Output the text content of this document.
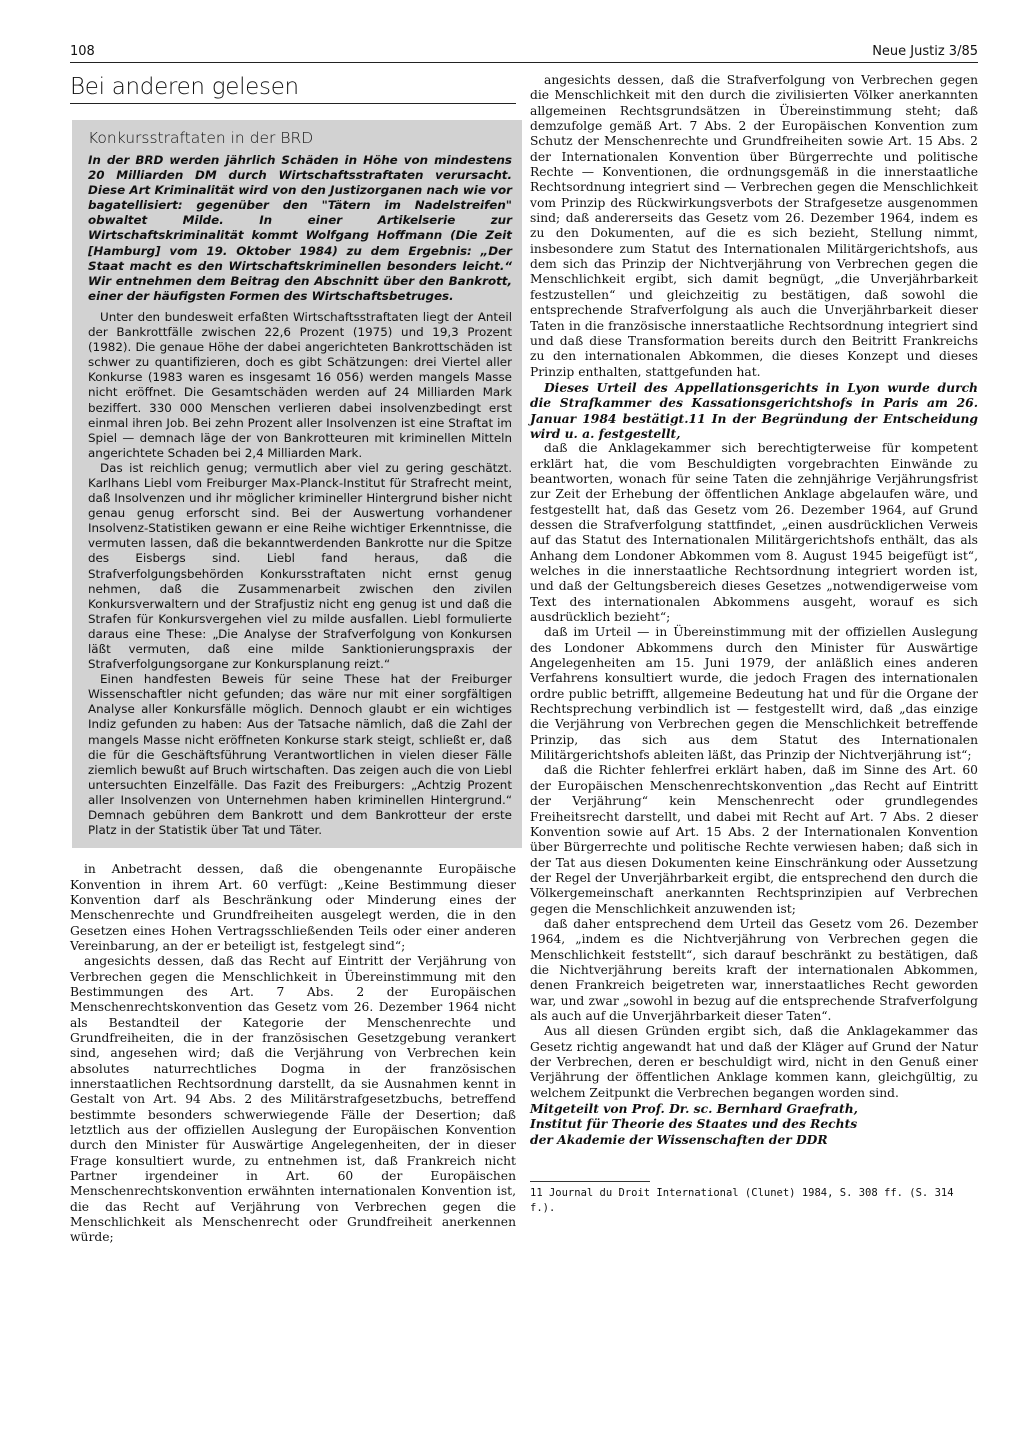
108	Neue Justiz 3/85
Bei anderen gelesen
Konkursstraftaten in der BRD

In der BRD werden jährlich Schäden in Höhe von mindestens 20 Milliarden DM durch Wirtschaftsstraftaten verursacht. Diese Art Kriminalität wird von den Justizorganen nach wie vor bagatellisiert: gegenüber den "Tätern im Nadelstreifen" obwaltet Milde. In einer Artikelserie zur Wirtschaftskriminalität kommt Wolfgang Hoffmann (Die Zeit [Hamburg] vom 19. Oktober 1984) zu dem Ergebnis: „Der Staat macht es den Wirtschaftskriminellen besonders leicht.“ Wir entnehmen dem Beitrag den Abschnitt über den Bankrott, einer der häufigsten Formen des Wirtschaftsbetruges.

Unter den bundesweit erfaßten Wirtschaftsstraftaten liegt der Anteil der Bankrottfälle zwischen 22,6 Prozent (1975) und 19,3 Prozent (1982). Die genaue Höhe der dabei angerichteten Bankrottschäden ist schwer zu quantifizieren, doch es gibt Schätzungen: drei Viertel aller Konkurse (1983 waren es insgesamt 16 056) werden mangels Masse nicht eröffnet. Die Gesamtschäden werden auf 24 Milliarden Mark beziffert. 330 000 Menschen verlieren dabei insolvenzbedingt erst einmal ihren Job. Bei zehn Prozent aller Insolvenzen ist eine Straftat im Spiel — demnach läge der von Bankrotteuren mit kriminellen Mitteln angerichtete Schaden bei 2,4 Milliarden Mark.

Das ist reichlich genug; vermutlich aber viel zu gering geschätzt. Karlhans Liebl vom Freiburger Max-Planck-Institut für Strafrecht meint, daß Insolvenzen und ihr möglicher krimineller Hintergrund bisher nicht genau genug erforscht sind. Bei der Auswertung vorhandener Insolvenz-Statistiken gewann er eine Reihe wichtiger Erkenntnisse, die vermuten lassen, daß die bekanntwerdenden Bankrotte nur die Spitze des Eisbergs sind. Liebl fand heraus, daß die Strafverfolgungsbehörden Konkursstraftaten nicht ernst genug nehmen, daß die Zusammenarbeit zwischen den zivilen Konkursverwaltern und der Strafjustiz nicht eng genug ist und daß die Strafen für Konkursvergehen viel zu milde ausfallen. Liebl formulierte daraus eine These: „Die Analyse der Strafverfolgung von Konkursen läßt vermuten, daß eine milde Sanktionierungspraxis der Strafverfolgungsorgane zur Konkursplanung reizt.“

Einen handfesten Beweis für seine These hat der Freiburger Wissenschaftler nicht gefunden; das wäre nur mit einer sorgfältigen Analyse aller Konkursfälle möglich. Dennoch glaubt er ein wichtiges Indiz gefunden zu haben: Aus der Tatsache nämlich, daß die Zahl der mangels Masse nicht eröffneten Konkurse stark steigt, schließt er, daß die für die Geschäftsführung Verantwortlichen in vielen dieser Fälle ziemlich bewußt auf Bruch wirtschaften. Das zeigen auch die von Liebl untersuchten Einzelfälle. Das Fazit des Freiburgers: „Achtzig Prozent aller Insolvenzen von Unternehmen haben kriminellen Hintergrund.“ Demnach gebühren dem Bankrott und dem Bankrotteur der erste Platz in der Statistik über Tat und Täter.

in Anbetracht dessen, daß die obengenannte Europäische Konvention in ihrem Art. 60 verfügt: „Keine Bestimmung dieser Konvention darf als Beschränkung oder Minderung eines der Menschenrechte und Grundfreiheiten ausgelegt werden, die in den Gesetzen eines Hohen Vertragsschließenden Teils oder einer anderen Vereinbarung, an der er beteiligt ist, festgelegt sind“;

angesichts dessen, daß das Recht auf Eintritt der Verjährung von Verbrechen gegen die Menschlichkeit in Übereinstimmung mit den Bestimmungen des Art. 7 Abs. 2 der Europäischen Menschenrechtskonvention das Gesetz vom 26. Dezember 1964 nicht als Bestandteil der Kategorie der Menschenrechte und Grundfreiheiten, die in der französischen Gesetzgebung verankert sind, angesehen wird; daß die Verjährung von Verbrechen kein absolutes naturrechtliches Dogma in der französischen innerstaatlichen Rechtsordnung darstellt, da sie Ausnahmen kennt in Gestalt von Art. 94 Abs. 2 des Militärstrafgesetzbuchs, betreffend bestimmte besonders schwerwiegende Fälle der Desertion; daß letztlich aus der offiziellen Auslegung der Europäischen Konvention durch den Minister für Auswärtige Angelegenheiten, der in dieser Frage konsultiert wurde, zu entnehmen ist, daß Frankreich nicht Partner irgendeiner in Art. 60 der Europäischen Menschenrechtskonvention erwähnten internationalen Konvention ist, die das Recht auf Verjährung von Verbrechen gegen die Menschlichkeit als Menschenrecht oder Grundfreiheit anerkennen würde;

angesichts dessen, daß die Strafverfolgung von Verbrechen gegen die Menschlichkeit mit den durch die zivilisierten Völker anerkannten allgemeinen Rechtsgrundsätzen in Übereinstimmung steht; daß demzufolge gemäß Art. 7 Abs. 2 der Europäischen Konvention zum Schutz der Menschenrechte und Grundfreiheiten sowie Art. 15 Abs. 2 der Internationalen Konvention über Bürgerrechte und politische Rechte — Konventionen, die ordnungsgemäß in die innerstaatliche Rechtsordnung integriert sind — Verbrechen gegen die Menschlichkeit vom Prinzip des Rückwirkungsverbots der Strafgesetze ausgenommen sind; daß andererseits das Gesetz vom 26. Dezember 1964, indem es zu den Dokumenten, auf die es sich bezieht, Stellung nimmt, insbesondere zum Statut des Internationalen Militärgerichtshofs, aus dem sich das Prinzip der Nichtverjährung von Verbrechen gegen die Menschlichkeit ergibt, sich damit begnügt, „die Unverjährbarkeit festzustellen“ und gleichzeitig zu bestätigen, daß sowohl die entsprechende Strafverfolgung als auch die Unverjährbarkeit dieser Taten in die französische innerstaatliche Rechtsordnung integriert sind und daß diese Transformation bereits durch den Beitritt Frankreichs zu den internationalen Abkommen, die dieses Konzept und dieses Prinzip enthalten, stattgefunden hat.

Dieses Urteil des Appellationsgerichts in Lyon wurde durch die Strafkammer des Kassationsgerichtshofs in Paris am 26. Januar 1984 bestätigt.11 In der Begründung der Entscheidung wird u. a. festgestellt,

daß die Anklagekammer sich berechtigterweise für kompetent erklärt hat, die vom Beschuldigten vorgebrachten Einwände zu beantworten, wonach für seine Taten die zehnjährige Verjährungsfrist zur Zeit der Erhebung der öffentlichen Anklage abgelaufen wäre, und festgestellt hat, daß das Gesetz vom 26. Dezember 1964, auf Grund dessen die Strafverfolgung stattfindet, „einen ausdrücklichen Verweis auf das Statut des Internationalen Militärgerichtshofs enthält, das als Anhang dem Londoner Abkommen vom 8. August 1945 beigefügt ist“, welches in die innerstaatliche Rechtsordnung integriert worden ist, und daß der Geltungsbereich dieses Gesetzes „notwendigerweise vom Text des internationalen Abkommens ausgeht, worauf es sich ausdrücklich bezieht“;

daß im Urteil — in Übereinstimmung mit der offiziellen Auslegung des Londoner Abkommens durch den Minister für Auswärtige Angelegenheiten am 15. Juni 1979, der anläßlich eines anderen Verfahrens konsultiert wurde, die jedoch Fragen des internationalen ordre public betrifft, allgemeine Bedeutung hat und für die Organe der Rechtsprechung verbindlich ist — festgestellt wird, daß „das einzige die Verjährung von Verbrechen gegen die Menschlichkeit betreffende Prinzip, das sich aus dem Statut des Internationalen Militärgerichtshofs ableiten läßt, das Prinzip der Nichtverjährung ist“;

daß die Richter fehlerfrei erklärt haben, daß im Sinne des Art. 60 der Europäischen Menschenrechtskonvention „das Recht auf Eintritt der Verjährung“ kein Menschenrecht oder grundlegendes Freiheitsrecht darstellt, und dabei mit Recht auf Art. 7 Abs. 2 dieser Konvention sowie auf Art. 15 Abs. 2 der Internationalen Konvention über Bürgerrechte und politische Rechte verwiesen haben; daß sich in der Tat aus diesen Dokumenten keine Einschränkung oder Aussetzung der Regel der Unverjährbarkeit ergibt, die entsprechend den durch die Völkergemeinschaft anerkannten Rechtsprinzipien auf Verbrechen gegen die Menschlichkeit anzuwenden ist;

daß daher entsprechend dem Urteil das Gesetz vom 26. Dezember 1964, „indem es die Nichtverjährung von Verbrechen gegen die Menschlichkeit feststellt“, sich darauf beschränkt zu bestätigen, daß die Nichtverjährung bereits kraft der internationalen Abkommen, denen Frankreich beigetreten war, innerstaatliches Recht geworden war, und zwar „sowohl in bezug auf die entsprechende Strafverfolgung als auch auf die Unverjährbarkeit dieser Taten“.

Aus all diesen Gründen ergibt sich, daß die Anklagekammer das Gesetz richtig angewandt hat und daß der Kläger auf Grund der Natur der Verbrechen, deren er beschuldigt wird, nicht in den Genuß einer Verjährung der öffentlichen Anklage kommen kann, gleichgültig, zu welchem Zeitpunkt die Verbrechen begangen worden sind.

Mitgeteilt von Prof. Dr. sc. Bernhard Graefrath,
Institut für Theorie des Staates und des Rechts
der Akademie der Wissenschaften der DDR

11 Journal du Droit International (Clunet) 1984, S. 308 ff. (S. 314 f.).
